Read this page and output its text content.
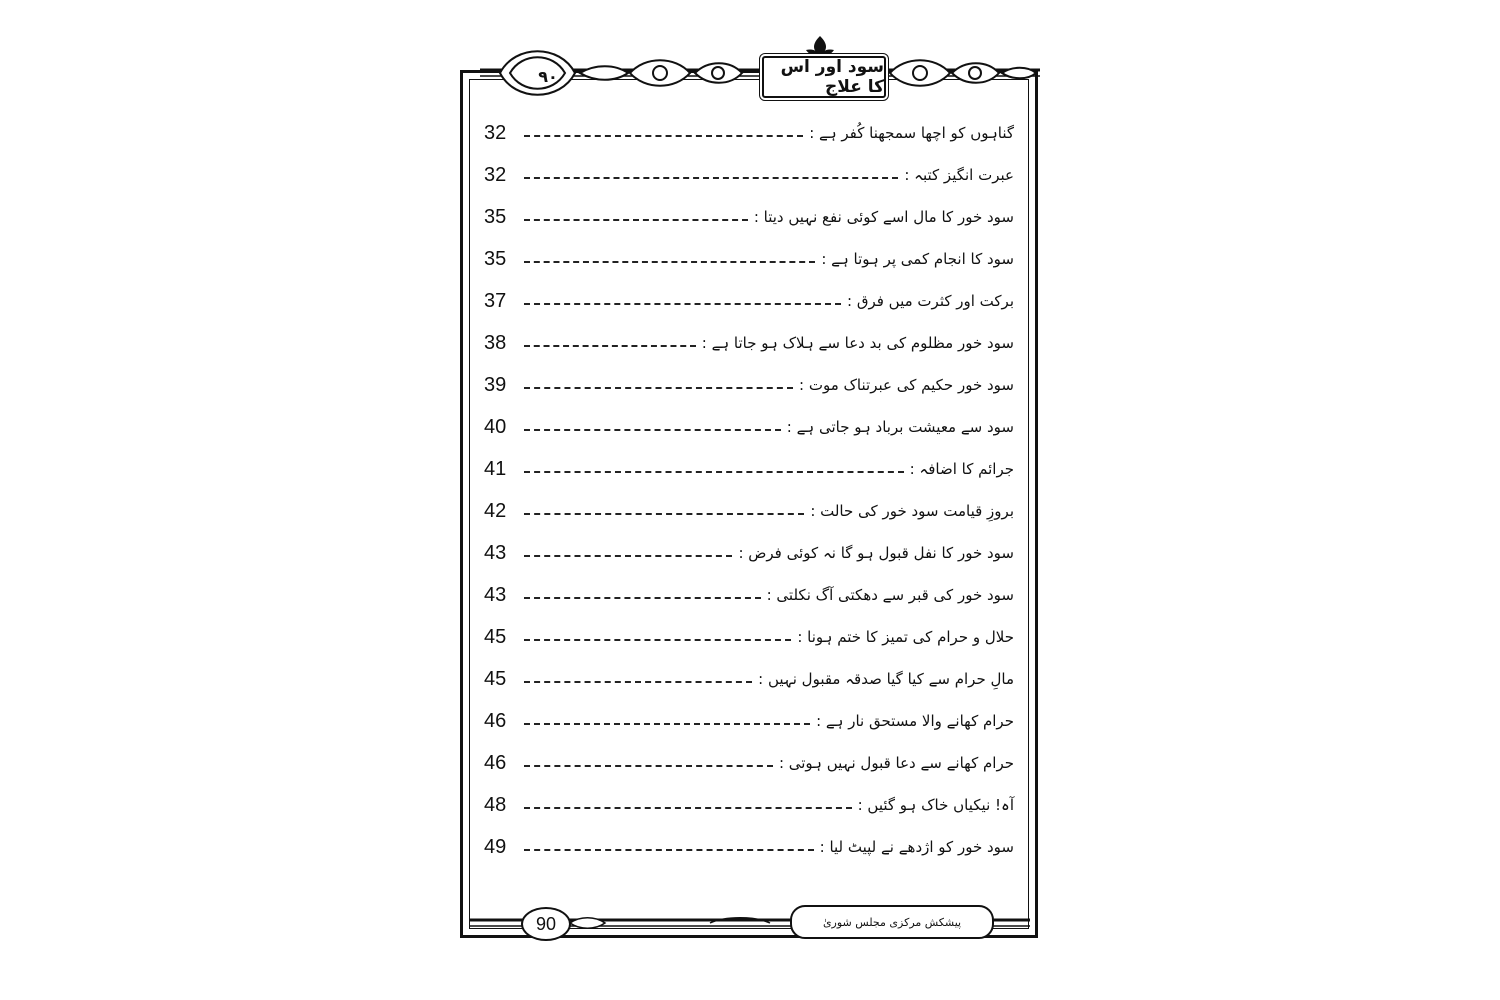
سود اور اس کا علاج
۹۰
32	گناہوں کو اچھا سمجھنا کُفر ہے :
32	عبرت انگیز کتبہ :
35	سود خور کا مال اسے کوئی نفع نہیں دیتا :
35	سود کا انجام کمی پر ہوتا ہے :
37	برکت اور کثرت میں فرق :
38	سود خور مظلوم کی بد دعا سے ہلاک ہو جاتا ہے :
39	سود خور حکیم کی عبرتناک موت :
40	سود سے معیشت برباد ہو جاتی ہے :
41	جرائم کا اضافہ :
42	بروزِ قیامت سود خور کی حالت :
43	سود خور کا نفل قبول ہو گا نہ کوئی فرض :
43	سود خور کی قبر سے دھکتی آگ نکلتی :
45	حلال و حرام کی تمیز کا ختم ہونا :
45	مالِ حرام سے کیا گیا صدقہ مقبول نہیں :
46	حرام کھانے والا مستحق نار ہے :
46	حرام کھانے سے دعا قبول نہیں ہوتی :
48	آہ! نیکیاں خاک ہو گئیں :
49	سود خور کو اژدھے نے لپیٹ لیا :
90	پیشکش مرکزی مجلس شوریٰ
